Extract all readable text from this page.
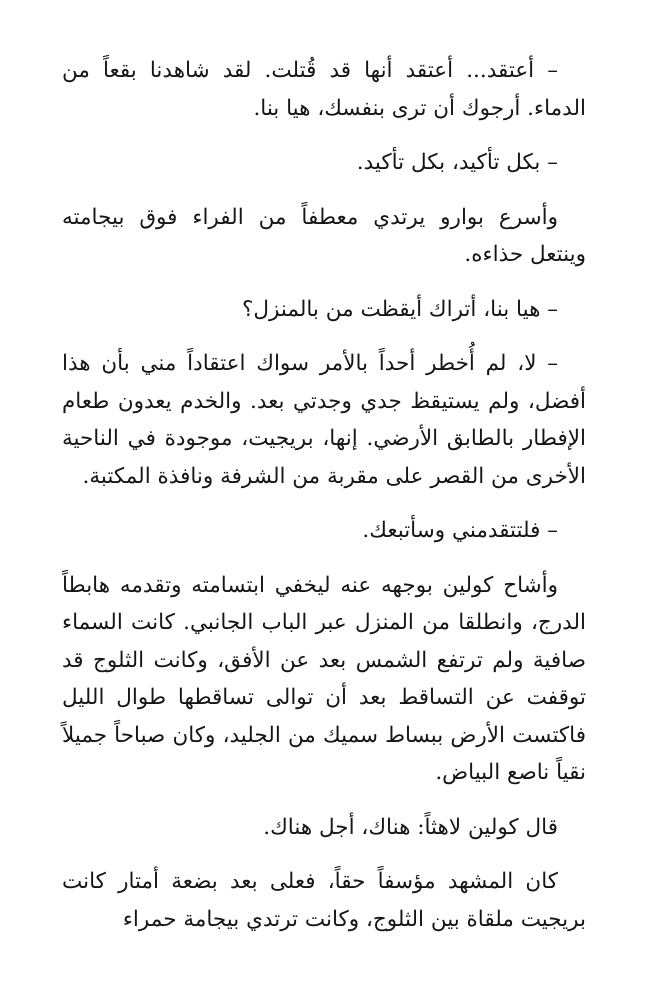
– أعتقد... أعتقد أنها قد قُتلت. لقد شاهدنا بقعاً من الدماء. أرجوك أن ترى بنفسك، هيا بنا.

– بكل تأكيد، بكل تأكيد.

وأسرع بوارو يرتدي معطفاً من الفراء فوق بيجامته وينتعل حذاءه.

– هيا بنا، أتراك أيقظت من بالمنزل؟

– لا، لم أُخطر أحداً بالأمر سواك اعتقاداً مني بأن هذا أفضل، ولم يستيقظ جدي وجدتي بعد. والخدم يعدون طعام الإفطار بالطابق الأرضي. إنها، بريجيت، موجودة في الناحية الأخرى من القصر على مقربة من الشرفة ونافذة المكتبة.

– فلتتقدمني وسأتبعك.

وأشاح كولين بوجهه عنه ليخفي ابتسامته وتقدمه هابطاً الدرج، وانطلقا من المنزل عبر الباب الجانبي. كانت السماء صافية ولم ترتفع الشمس بعد عن الأفق، وكانت الثلوج قد توقفت عن التساقط بعد أن توالى تساقطها طوال الليل فاكتست الأرض ببساط سميك من الجليد، وكان صباحاً جميلاً نقياً ناصع البياض.

قال كولين لاهثاً: هناك، أجل هناك.

كان المشهد مؤسفاً حقاً، فعلى بعد بضعة أمتار كانت بريجيت ملقاة بين الثلوج، وكانت ترتدي بيجامة حمراء
